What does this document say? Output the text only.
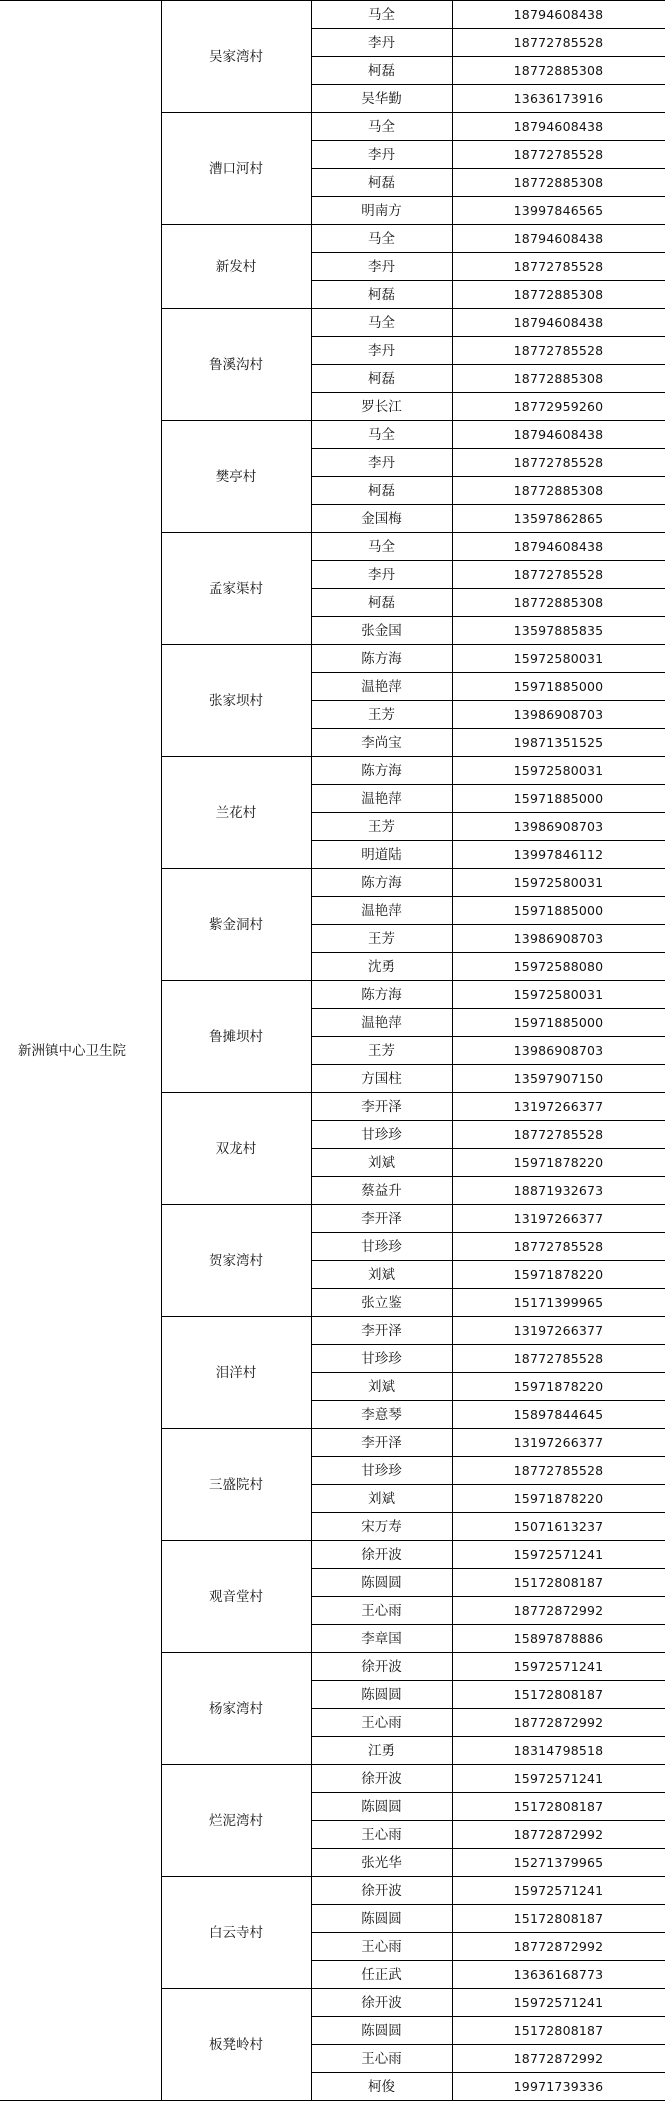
新洲镇中心卫生院	吴家湾村	马全	18794608438
		李丹	18772785528
		柯磊	18772885308
		吴华勤	13636173916
	漕口河村	马全	18794608438
		李丹	18772785528
		柯磊	18772885308
		明南方	13997846565
	新发村	马全	18794608438
		李丹	18772785528
		柯磊	18772885308
	鲁溪沟村	马全	18794608438
		李丹	18772785528
		柯磊	18772885308
		罗长江	18772959260
	樊亭村	马全	18794608438
		李丹	18772785528
		柯磊	18772885308
		金国梅	13597862865
	孟家渠村	马全	18794608438
		李丹	18772785528
		柯磊	18772885308
		张金国	13597885835
	张家坝村	陈方海	15972580031
		温艳萍	15971885000
		王芳	13986908703
		李尚宝	19871351525
	兰花村	陈方海	15972580031
		温艳萍	15971885000
		王芳	13986908703
		明道陆	13997846112
	紫金洞村	陈方海	15972580031
		温艳萍	15971885000
		王芳	13986908703
		沈勇	15972588080
	鲁摊坝村	陈方海	15972580031
		温艳萍	15971885000
		王芳	13986908703
		方国柱	13597907150
	双龙村	李开泽	13197266377
		甘珍珍	18772785528
		刘斌	15971878220
		蔡益升	18871932673
	贺家湾村	李开泽	13197266377
		甘珍珍	18772785528
		刘斌	15971878220
		张立鉴	15171399965
	泪洋村	李开泽	13197266377
		甘珍珍	18772785528
		刘斌	15971878220
		李意琴	15897844645
	三盛院村	李开泽	13197266377
		甘珍珍	18772785528
		刘斌	15971878220
		宋万寿	15071613237
	观音堂村	徐开波	15972571241
		陈圆圆	15172808187
		王心雨	18772872992
		李章国	15897878886
	杨家湾村	徐开波	15972571241
		陈圆圆	15172808187
		王心雨	18772872992
		江勇	18314798518
	烂泥湾村	徐开波	15972571241
		陈圆圆	15172808187
		王心雨	18772872992
		张光华	15271379965
	白云寺村	徐开波	15972571241
		陈圆圆	15172808187
		王心雨	18772872992
		任正武	13636168773
	板凳岭村	徐开波	15972571241
		陈圆圆	15172808187
		王心雨	18772872992
		柯俊	19971739336
